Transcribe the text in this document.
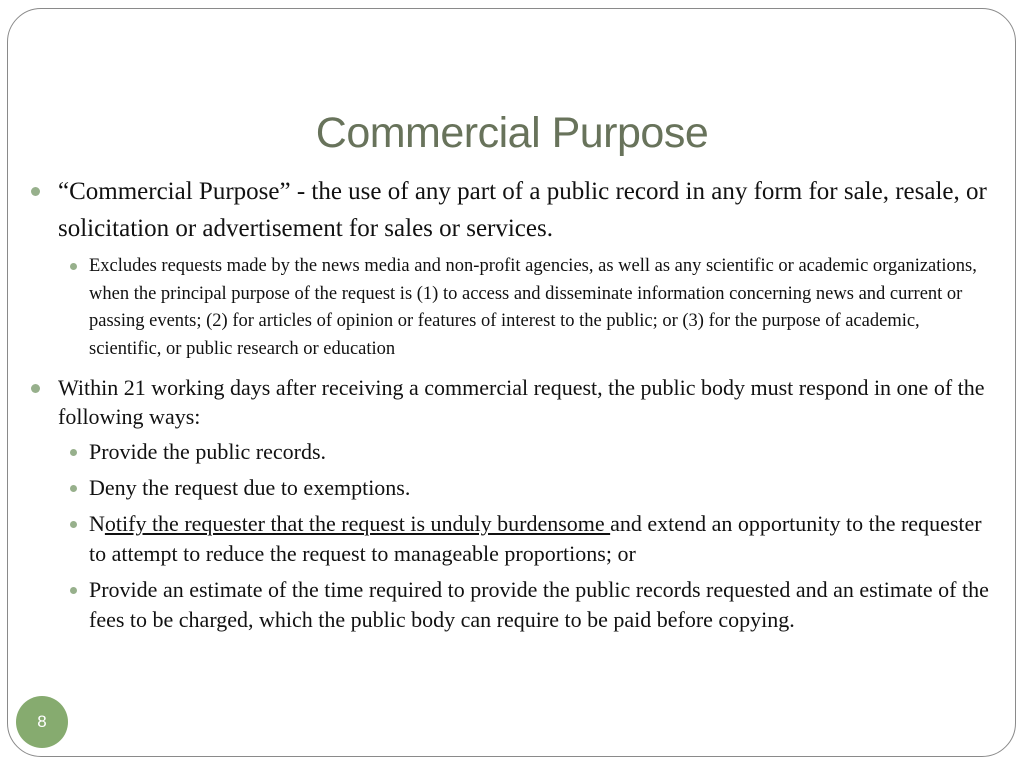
Commercial Purpose
“Commercial Purpose” - the use of any part of a public record in any form for sale, resale, or solicitation or advertisement for sales or services.
Excludes requests made by the news media and non-profit agencies, as well as any scientific or academic organizations, when the principal purpose of the request is (1) to access and disseminate information concerning news and current or passing events; (2) for articles of opinion or features of interest to the public; or (3) for the purpose of academic, scientific, or public research or education
Within 21 working days after receiving a commercial request, the public body must respond in one of the following ways:
Provide the public records.
Deny the request due to exemptions.
Notify the requester that the request is unduly burdensome and extend an opportunity to the requester to attempt to reduce the request to manageable proportions; or
Provide an estimate of the time required to provide the public records requested and an estimate of the fees to be charged, which the public body can require to be paid before copying.
8
